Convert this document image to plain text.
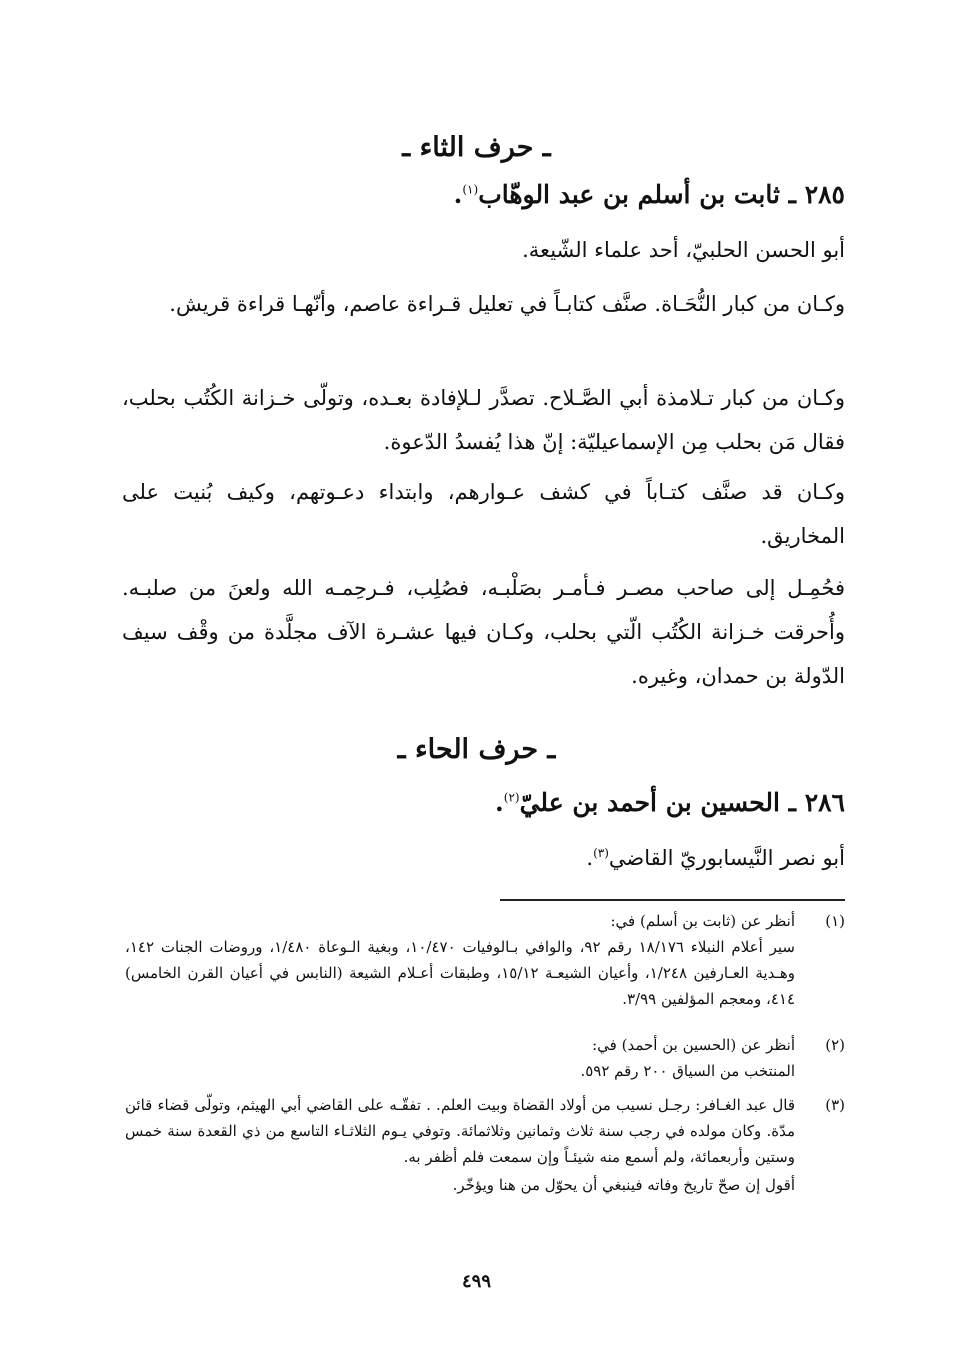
ـ حرف الثاء ـ
٢٨٥ ـ ثابت بن أسلم بن عبد الوهّاب$^{(١)}$.
أبو الحسن الحلبيّ، أحد علماء الشّيعة.
وكـان من كبار النُّحَـاة. صنَّف كتابـاً في تعليل قـراءة عاصم، وأنّهـا قراءة قريش.
وكـان من كبار تـلامذة أبي الصَّـلاح. تصدَّر لـلإفادة بعـده، وتولّى خـزانة الكُتُب بحلب، فقال مَن بحلب مِن الإسماعيليّة: إنّ هذا يُفسدُ الدّعوة.
وكـان قد صنَّف كتـاباً في كشف عـوارهم، وابتداء دعـوتهم، وكيف بُنيت على المخاريق.
فحُمِـل إلى صاحب مصـر فـأمـر بصَلْبـه، فصُلِب، فـرحِمـه الله ولعنَ من صلبـه. وأُحرقت خـزانة الكُتُب الّتي بحلب، وكـان فيها عشـرة الآف مجلَّدة من وقْف سيف الدّولة بن حمدان، وغيره.
ـ حرف الحاء ـ
٢٨٦ ـ الحسين بن أحمد بن عليّ$^{(٢)}$.
أبو نصر النَّيسابوريّ القاضي$^{(٣)}$.
(١)
أنظر عن (ثابت بن أسلم) في:

سير أعلام النبلاء ١٨/١٧٦ رقم ٩٢، والوافي بـالوفيات ١٠/٤٧٠، وبغية الـوعاة ١/٤٨٠، وروضات الجنات ١٤٢، وهـدية العـارفين ١/٢٤٨، وأعيان الشيعـة ١٥/١٢، وطبقات أعـلام الشيعة (النابس في أعيان القرن الخامس) ٤١٤، ومعجم المؤلفين ٣/٩٩.

(٢)
أنظر عن (الحسين بن أحمد) في:
المنتخب من السياق ٢٠٠ رقم ٥٩٢.
(٣)

قال عبد الغـافر: رجـل نسيب من أولاد القضاة وبيت العلم. . تفقّـه على القاضي أبي الهيثم، وتولّى قضاء قائن مدّة. وكان مولده في رجب سنة ثلاث وثمانين وثلاثمائة. وتوفي يـوم الثلاثـاء التاسع من ذي القعدة سنة خمس وستين وأربعمائة، ولم أسمع منه شيئـاً وإن سمعت فلم أظفر به.

أقول إن صحّ تاريخ وفاته فينبغي أن يحوّل من هنا ويؤخّر.
٤٩٩
